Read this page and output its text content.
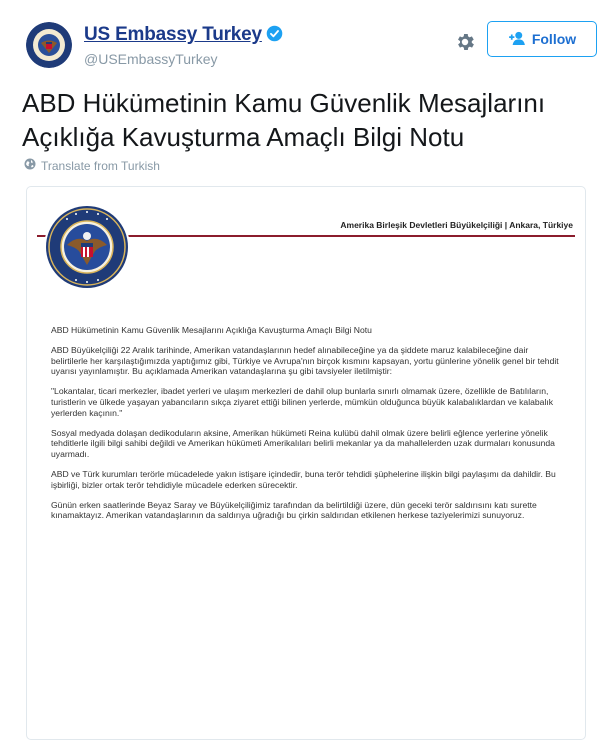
US Embassy Turkey
@USEmbassyTurkey
Follow
ABD Hükümetinin Kamu Güvenlik Mesajlarını Açıklığa Kavuşturma Amaçlı Bilgi Notu
Translate from Turkish
Amerika Birleşik Devletleri Büyükelçiliği | Ankara, Türkiye

ABD Hükümetinin Kamu Güvenlik Mesajlarını Açıklığa Kavuşturma Amaçlı Bilgi Notu

ABD Büyükelçiliği 22 Aralık tarihinde, Amerikan vatandaşlarının hedef alınabileceğine ya da şiddete maruz kalabileceğine dair belirtilerle her karşılaştığımızda yaptığımız gibi, Türkiye ve Avrupa'nın birçok kısmını kapsayan, yortu günlerine yönelik genel bir tehdit uyarısı yayınlamıştır. Bu açıklamada Amerikan vatandaşlarına şu gibi tavsiyeler iletilmiştir:

"Lokantalar, ticari merkezler, ibadet yerleri ve ulaşım merkezleri de dahil olup bunlarla sınırlı olmamak üzere, özellikle de Batılıların, turistlerin ve ülkede yaşayan yabancıların sıkça ziyaret ettiği bilinen yerlerde, mümkün olduğunca büyük kalabalıklardan ve kalabalık yerlerden kaçının."

Sosyal medyada dolaşan dedikoduların aksine, Amerikan hükümeti Reina kulübü dahil olmak üzere belirli eğlence yerlerine yönelik tehditlerle ilgili bilgi sahibi değildi ve Amerikan hükümeti Amerikalıları belirli mekanlar ya da mahallelerden uzak durmaları konusunda uyarmadı.

ABD ve Türk kurumları terörle mücadelede yakın istişare içindedir, buna terör tehdidi şüphelerine ilişkin bilgi paylaşımı da dahildir. Bu işbirliği, bizler ortak terör tehdidiyle mücadele ederken sürecektir.

Günün erken saatlerinde Beyaz Saray ve Büyükelçiliğimiz tarafından da belirtildiği üzere, dün geceki terör saldırısını katı surette kınamaktayız. Amerikan vatandaşlarının da saldırıya uğradığı bu çirkin saldırıdan etkilenen herkese taziyelerimizi sunuyoruz.
